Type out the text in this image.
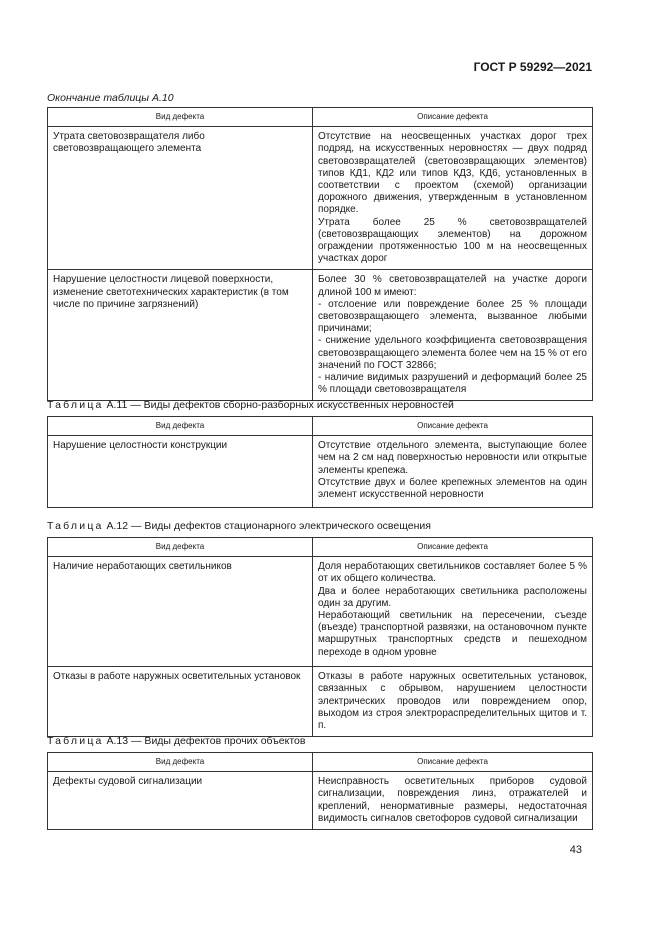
ГОСТ Р 59292—2021
Окончание таблицы А.10
Вид дефекта	Описание дефекта
Утрата световозвращателя либо световозвращающего элемента	Отсутствие на неосвещенных участках дорог трех подряд, на искусственных неровностях — двух подряд световозвращателей (световозвращающих элементов) типов КД1, КД2 или типов КД3, КД6, установленных в соответствии с проектом (схемой) организации дорожного движения, утвержденным в установленном порядке.
Утрата более 25 % световозвращателей (световозвращающих элементов) на дорожном ограждении протяженностью 100 м на неосвещенных участках дорог

Нарушение целостности лицевой поверхности, изменение светотехнических характеристик (в том числе по причине загрязнений)	Более 30 % световозвращателей на участке дороги длиной 100 м имеют:
- отслоение или повреждение более 25 % площади световозвращающего элемента, вызванное любыми причинами;
- снижение удельного коэффициента световозвращения световозвращающего элемента более чем на 15 % от его значений по ГОСТ 32866;
- наличие видимых разрушений и деформаций более 25 % площади световозвращателя
Таблица А.11 — Виды дефектов сборно-разборных искусственных неровностей
Вид дефекта	Описание дефекта
Нарушение целостности конструкции	Отсутствие отдельного элемента, выступающие более чем на 2 см над поверхностью неровности или открытые элементы крепежа.
Отсутствие двух и более крепежных элементов на один элемент искусственной неровности
Таблица А.12 — Виды дефектов стационарного электрического освещения
Вид дефекта	Описание дефекта
Наличие неработающих светильников	Доля неработающих светильников составляет более 5 % от их общего количества.
Два и более неработающих светильника расположены один за другим.
Неработающий светильник на пересечении, съезде (въезде) транспортной развязки, на остановочном пункте маршрутных транспортных средств и пешеходном переходе в одном уровне

Отказы в работе наружных осветительных установок	Отказы в работе наружных осветительных установок, связанных с обрывом, нарушением целостности электрических проводов или повреждением опор, выходом из строя электрораспределительных щитов и т. п.
Таблица А.13 — Виды дефектов прочих объектов
Вид дефекта	Описание дефекта
Дефекты судовой сигнализации	Неисправность осветительных приборов судовой сигнализации, повреждения линз, отражателей и креплений, ненормативные размеры, недостаточная видимость сигналов светофоров судовой сигнализации
43
